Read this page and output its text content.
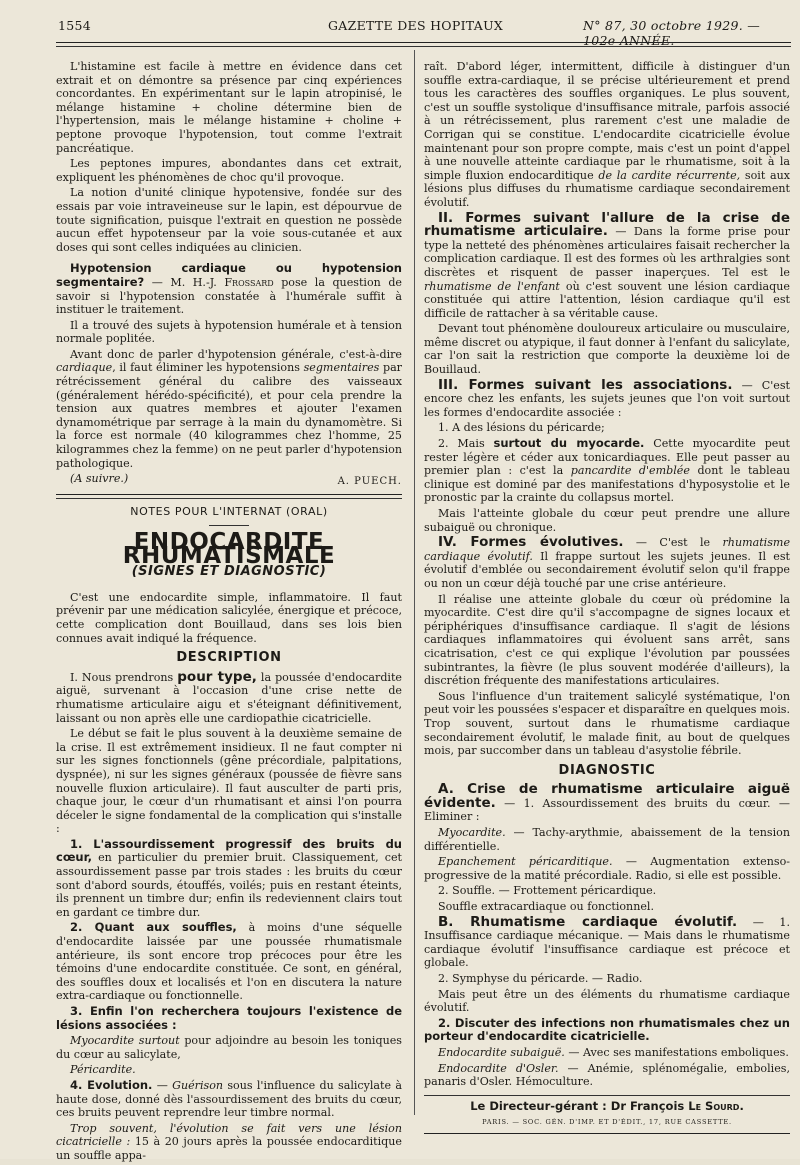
1554	GAZETTE DES HOPITAUX	N° 87, 30 octobre 1929. — 102e ANNÉE.

L'histamine est facile à mettre en évidence dans cet extrait et on démontre sa présence par cinq expériences concordantes. En expérimentant sur le lapin atropinisé, le mélange histamine + choline détermine bien de l'hypertension, mais le mélange histamine + choline + peptone provoque l'hypotension, tout comme l'extrait pancréatique.

Les peptones impures, abondantes dans cet extrait, expliquent les phénomènes de choc qu'il provoque.

La notion d'unité clinique hypotensive, fondée sur des essais par voie intraveineuse sur le lapin, est dépourvue de toute signification, puisque l'extrait en question ne possède aucun effet hypotenseur par la voie sous-cutanée et aux doses qui sont celles indiquées au clinicien.

Hypotension cardiaque ou hypotension segmentaire? — M. H.-J. Frossard pose la question de savoir si l'hypotension constatée à l'humérale suffit à instituer le traitement.

Il a trouvé des sujets à hypotension humérale et à tension normale poplitée.

Avant donc de parler d'hypotension générale, c'est-à-dire cardiaque, il faut éliminer les hypotensions segmentaires par rétrécissement général du calibre des vaisseaux (généralement hérédo-spécificité), et pour cela prendre la tension aux quatres membres et ajouter l'examen dynamométrique par serrage à la main du dynamomètre. Si la force est normale (40 kilogrammes chez l'homme, 25 kilogrammes chez la femme) on ne peut parler d'hypotension pathologique.

(A suivre.)	A. PUECH.
NOTES POUR L'INTERNAT (ORAL)
ENDOCARDITE RHUMATISMALE
(SIGNES ET DIAGNOSTIC)

C'est une endocardite simple, inflammatoire. Il faut prévenir par une médication salicylée, énergique et précoce, cette complication dont Bouillaud, dans ses lois bien connues avait indiqué la fréquence.

DESCRIPTION

I. Nous prendrons pour type, la poussée d'endocardite aiguë, survenant à l'occasion d'une crise nette de rhumatisme articulaire aigu et s'éteignant définitivement, laissant ou non après elle une cardiopathie cicatricielle.

Le début se fait le plus souvent à la deuxième semaine de la crise. Il est extrêmement insidieux. Il ne faut compter ni sur les signes fonctionnels (gêne précordiale, palpitations, dyspnée), ni sur les signes généraux (poussée de fièvre sans nouvelle fluxion articulaire). Il faut ausculter de parti pris, chaque jour, le cœur d'un rhumatisant et ainsi l'on pourra déceler le signe fondamental de la complication qui s'installe :

1. L'assourdissement progressif des bruits du cœur, en particulier du premier bruit. Classiquement, cet assourdissement passe par trois stades : les bruits du cœur sont d'abord sourds, étouffés, voilés; puis en restant éteints, ils prennent un timbre dur; enfin ils redeviennent clairs tout en gardant ce timbre dur.

2. Quant aux souffles, à moins d'une séquelle d'endocardite laissée par une poussée rhumatismale antérieure, ils sont encore trop précoces pour être les témoins d'une endocardite constituée. Ce sont, en général, des souffles doux et localisés et l'on en discutera la nature extra-cardiaque ou fonctionnelle.

3. Enfin l'on recherchera toujours l'existence de lésions associées :

Myocardite surtout pour adjoindre au besoin les toniques du cœur au salicylate,

Péricardite.

4. Evolution. — Guérison sous l'influence du salicylate à haute dose, donné dès l'assourdissement des bruits du cœur, ces bruits peuvent reprendre leur timbre normal.

Trop souvent, l'évolution se fait vers une lésion cicatricielle : 15 à 20 jours après la poussée endocarditique un souffle appa-

raît. D'abord léger, intermittent, difficile à distinguer d'un souffle extra-cardiaque, il se précise ultérieurement et prend tous les caractères des souffles organiques. Le plus souvent, c'est un souffle systolique d'insuffisance mitrale, parfois associé à un rétrécissement, plus rarement c'est une maladie de Corrigan qui se constitue. L'endocardite cicatricielle évolue maintenant pour son propre compte, mais c'est un point d'appel à une nouvelle atteinte cardiaque par le rhumatisme, soit à la simple fluxion endocarditique de la cardite récurrente, soit aux lésions plus diffuses du rhumatisme cardiaque secondairement évolutif.

II. Formes suivant l'allure de la crise de rhumatisme articulaire. — Dans la forme prise pour type la netteté des phénomènes articulaires faisait rechercher la complication cardiaque. Il est des formes où les arthralgies sont discrètes et risquent de passer inaperçues. Tel est le rhumatisme de l'enfant où c'est souvent une lésion cardiaque constituée qui attire l'attention, lésion cardiaque qu'il est difficile de rattacher à sa véritable cause.

Devant tout phénomène douloureux articulaire ou musculaire, même discret ou atypique, il faut donner à l'enfant du salicylate, car l'on sait la restriction que comporte la deuxième loi de Bouillaud.

III. Formes suivant les associations. — C'est encore chez les enfants, les sujets jeunes que l'on voit surtout les formes d'endocardite associée :

1. A des lésions du péricarde;

2. Mais surtout du myocarde. Cette myocardite peut rester légère et céder aux tonicardiaques. Elle peut passer au premier plan : c'est la pancardite d'emblée dont le tableau clinique est dominé par des manifestations d'hyposystolie et le pronostic par la crainte du collapsus mortel.

Mais l'atteinte globale du cœur peut prendre une allure subaiguë ou chronique.

IV. Formes évolutives. — C'est le rhumatisme cardiaque évolutif. Il frappe surtout les sujets jeunes. Il est évolutif d'emblée ou secondairement évolutif selon qu'il frappe ou non un cœur déjà touché par une crise antérieure.

Il réalise une atteinte globale du cœur où prédomine la myocardite. C'est dire qu'il s'accompagne de signes locaux et périphériques d'insuffisance cardiaque. Il s'agit de lésions cardiaques inflammatoires qui évoluent sans arrêt, sans cicatrisation, c'est ce qui explique l'évolution par poussées subintrantes, la fièvre (le plus souvent modérée d'ailleurs), la discrétion fréquente des manifestations articulaires.

Sous l'influence d'un traitement salicylé systématique, l'on peut voir les poussées s'espacer et disparaître en quelques mois. Trop souvent, surtout dans le rhumatisme cardiaque secondairement évolutif, le malade finit, au bout de quelques mois, par succomber dans un tableau d'asystolie fébrile.

DIAGNOSTIC

A. Crise de rhumatisme articulaire aiguë évidente. — 1. Assourdissement des bruits du cœur. — Eliminer :

Myocardite. — Tachy-arythmie, abaissement de la tension différentielle.

Epanchement péricarditique. — Augmentation extenso-progressive de la matité précordiale. Radio, si elle est possible.

2. Souffle. — Frottement péricardique.

Souffle extracardiaque ou fonctionnel.

B. Rhumatisme cardiaque évolutif. — 1. Insuffisance cardiaque mécanique. — Mais dans le rhumatisme cardiaque évolutif l'insuffisance cardiaque est précoce et globale.

2. Symphyse du péricarde. — Radio.

Mais peut être un des éléments du rhumatisme cardiaque évolutif.

2. Discuter des infections non rhumatismales chez un porteur d'endocardite cicatricielle.

Endocardite subaiguë. — Avec ses manifestations emboliques.

Endocardite d'Osler. — Anémie, splénomégalie, embolies, panaris d'Osler. Hémoculture.

Le Directeur-gérant : Dr François Le Sourd.
PARIS. — SOC. GÉN. D'IMP. ET D'ÉDIT., 17, RUE CASSETTE.
